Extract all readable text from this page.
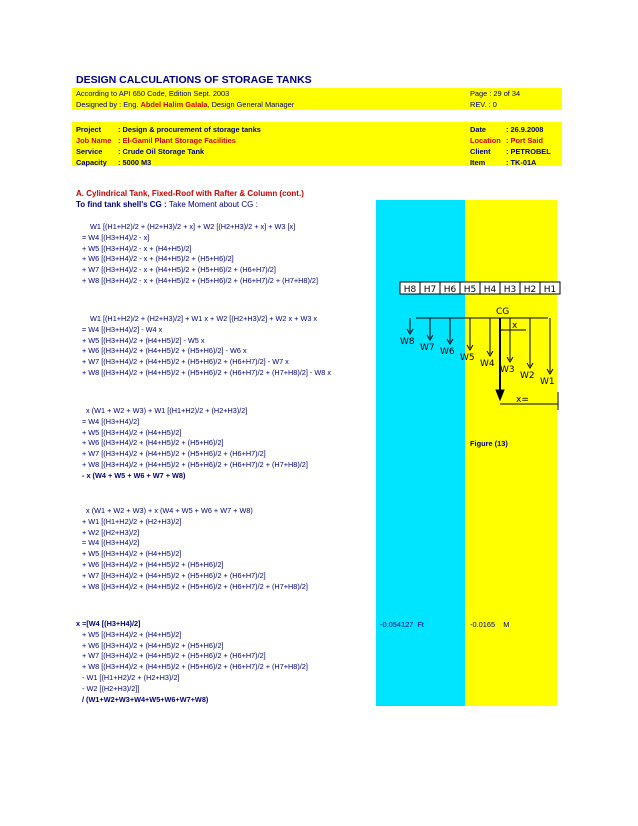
DESIGN CALCULATIONS OF STORAGE TANKS
According to API 650 Code, Edition Sept. 2003
Designed by : Eng. Abdel Halim Galala, Design General Manager
Page : 29 of 34
REV. : 0
Project : Design & procurement of storage tanks	Date	: 26.9.2008
Job Name : El-Gamil Plant Storage Facilities	Location : Port Said
Service : Crude Oil Storage Tank	Client : PETROBEL
Capacity : 5000 M3	Item	: TK-01A
A. Cylindrical Tank, Fixed-Roof with Rafter & Column (cont.)
To find tank shell's CG : Take Moment about CG :
W1 [(H1+H2)/2 + (H2+H3)/2 + x] + W2 [(H2+H3)/2 + x] + W3 [x]
= W4 [(H3+H4)/2 - x]
+ W5 [(H3+H4)/2 - x + (H4+H5)/2]
+ W6 [(H3+H4)/2 - x + (H4+H5)/2 + (H5+H6)/2]
+ W7 [(H3+H4)/2 - x + (H4+H5)/2 + (H5+H6)/2 + (H6+H7)/2]
+ W8 [(H3+H4)/2 - x + (H4+H5)/2 + (H5+H6)/2 + (H6+H7)/2 + (H7+H8)/2]
W1 [(H1+H2)/2 + (H2+H3)/2] + W1 x + W2 [(H2+H3)/2] + W2 x + W3 x
= W4 [(H3+H4)/2] - W4 x
+ W5 [(H3+H4)/2 + (H4+H5)/2] - W5 x
+ W6 [(H3+H4)/2 + (H4+H5)/2 + (H5+H6)/2] - W6 x
+ W7 [(H3+H4)/2 + (H4+H5)/2 + (H5+H6)/2 + (H6+H7)/2] - W7 x
+ W8 [(H3+H4)/2 + (H4+H5)/2 + (H5+H6)/2 + (H6+H7)/2 + (H7+H8)/2] - W8 x
x (W1 + W2 + W3) + W1 [(H1+H2)/2 + (H2+H3)/2]
= W4 [(H3+H4)/2]
+ W5 [(H3+H4)/2 + (H4+H5)/2]
+ W6 [(H3+H4)/2 + (H4+H5)/2 + (H5+H6)/2]
+ W7 [(H3+H4)/2 + (H4+H5)/2 + (H5+H6)/2 + (H6+H7)/2]
+ W8 [(H3+H4)/2 + (H4+H5)/2 + (H5+H6)/2 + (H6+H7)/2 + (H7+H8)/2]
- x (W4 + W5 + W6 + W7 + W8)
x (W1 + W2 + W3) + x (W4 + W5 + W6 + W7 + W8)
+ W1 [(H1+H2)/2 + (H2+H3)/2]
+ W2 [(H2+H3)/2]
= W4 [(H3+H4)/2]
+ W5 [(H3+H4)/2 + (H4+H5)/2]
+ W6 [(H3+H4)/2 + (H4+H5)/2 + (H5+H6)/2]
+ W7 [(H3+H4)/2 + (H4+H5)/2 + (H5+H6)/2 + (H6+H7)/2]
+ W8 [(H3+H4)/2 + (H4+H5)/2 + (H5+H6)/2 + (H6+H7)/2 + (H7+H8)/2]
x =[W4 [(H3+H4)/2]
+ W5 [(H3+H4)/2 + (H4+H5)/2]
+ W6 [(H3+H4)/2 + (H4+H5)/2 + (H5+H6)/2]
+ W7 [(H3+H4)/2 + (H4+H5)/2 + (H5+H6)/2 + (H6+H7)/2]
+ W8 [(H3+H4)/2 + (H4+H5)/2 + (H5+H6)/2 + (H6+H7)/2 + (H7+H8)/2]
- W1 [(H1+H2)/2 + (H2+H3)/2]
- W2 [(H2+H3)/2]]
/ (W1+W2+W3+W4+W5+W6+W7+W8)
-0.054127 Ft	-0.0165 M
Figure (13)
H8 H7 H6 H5 H4 H3 H2 H1
CG
W8
W7 W6
W5
W4
W3
W2
W1
x
x=
